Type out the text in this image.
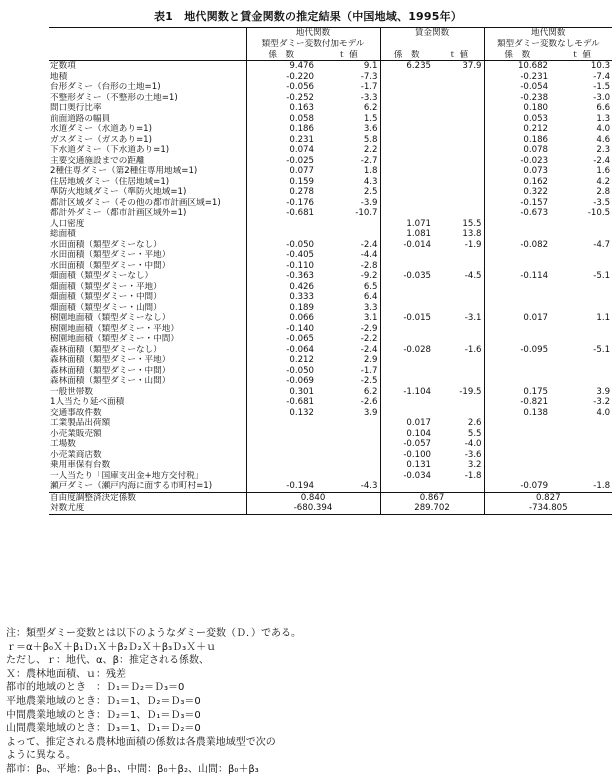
表1　地代関数と賃金関数の推定結果（中国地域、1995年）
	地代関数		賃金関数		地代関数	
	類型ダミー変数付加モデル				類型ダミー変数なしモデル	
	係　数	ｔ 値	係　数	ｔ 値	係　数	ｔ 値
定数項	9.476	9.1	6.235	37.9	10.682	10.3
地積	-0.220	-7.3			-0.231	-7.4
台形ダミー（台形の土地=1)	-0.056	-1.7			-0.054	-1.5
不整形ダミー（不整形の土地=1)	-0.252	-3.3			-0.238	-3.0
間口奥行比率	0.163	6.2			0.180	6.6
前面道路の幅員	0.058	1.5			0.053	1.3
水道ダミー（水道あり=1)	0.186	3.6			0.212	4.0
ガスダミー（ガスあり=1)	0.231	5.8			0.186	4.6
下水道ダミー（下水道あり=1)	0.074	2.2			0.078	2.3
主要交通施設までの距離	-0.025	-2.7			-0.023	-2.4
2種住専ダミー（第2種住専用地域=1)	0.077	1.8			0.073	1.6
住居地域ダミー（住居地域=1)	0.159	4.3			0.162	4.2
準防火地域ダミー（準防火地域=1)	0.278	2.5			0.322	2.8
都計区域ダミー（その他の都市計画区域=1)	-0.176	-3.9			-0.157	-3.5
都計外ダミー（都市計画区域外=1)	-0.681	-10.7			-0.673	-10.5
人口密度			1.071	15.5		
総面積			1.081	13.8		
水田面積（類型ダミーなし）	-0.050	-2.4	-0.014	-1.9	-0.082	-4.7
水田面積（類型ダミー・平地）	-0.405	-4.4				
水田面積（類型ダミー・中間）	-0.110	-2.8				
畑面積（類型ダミーなし）	-0.363	-9.2	-0.035	-4.5	-0.114	-5.1
畑面積（類型ダミー・平地）	0.426	6.5				
畑面積（類型ダミー・中間）	0.333	6.4				
畑面積（類型ダミー・山間）	0.189	3.3				
樹園地面積（類型ダミーなし）	0.066	3.1	-0.015	-3.1	0.017	1.1
樹園地面積（類型ダミー・平地）	-0.140	-2.9				
樹園地面積（類型ダミー・中間）	-0.065	-2.2				
森林面積（類型ダミーなし）	-0.064	-2.4	-0.028	-1.6	-0.095	-5.1
森林面積（類型ダミー・平地）	0.212	2.9				
森林面積（類型ダミー・中間）	-0.050	-1.7				
森林面積（類型ダミー・山間）	-0.069	-2.5				
一般世帯数	0.301	6.2	-1.104	-19.5	0.175	3.9
1人当たり延べ面積	-0.681	-2.6			-0.821	-3.2
交通事故件数	0.132	3.9			0.138	4.0
工業製品出荷額			0.017	2.6		
小売業販売額			0.104	5.5		
工場数			-0.057	-4.0		
小売業商店数			-0.100	-3.6		
乗用車保有台数			0.131	3.2		
一人当たり「国庫支出金+地方交付税」			-0.034	-1.8		
瀬戸ダミー（瀬戸内海に面する市町村=1)	-0.194	-4.3			-0.079	-1.8
自由度調整済決定係数	0.840		0.867		0.827	
対数尤度	-680.394		289.702		-734.805	
注：類型ダミー変数とは以下のようなダミー変数（Ｄ．）である。
ｒ＝α＋β₀Ｘ＋β₁Ｄ₁Ｘ＋β₂Ｄ₂Ｘ＋β₃Ｄ₃Ｘ＋ｕ
ただし、ｒ：地代、α、β：推定される係数、
Ｘ：農林地面積、ｕ：残差
都市的地域のとき　：Ｄ₁＝Ｄ₂＝Ｄ₃＝0
平地農業地域のとき：Ｄ₁＝1、Ｄ₂＝Ｄ₃＝0
中間農業地域のとき：Ｄ₂＝1、Ｄ₁＝Ｄ₃＝0
山間農業地域のとき：Ｄ₃＝1、Ｄ₁＝Ｄ₂＝0
よって、推定される農林地面積の係数は各農業地域型で次の
ように異なる。
都市：β₀、平地：β₀＋β₁、中間：β₀＋β₂、山間：β₀＋β₃
